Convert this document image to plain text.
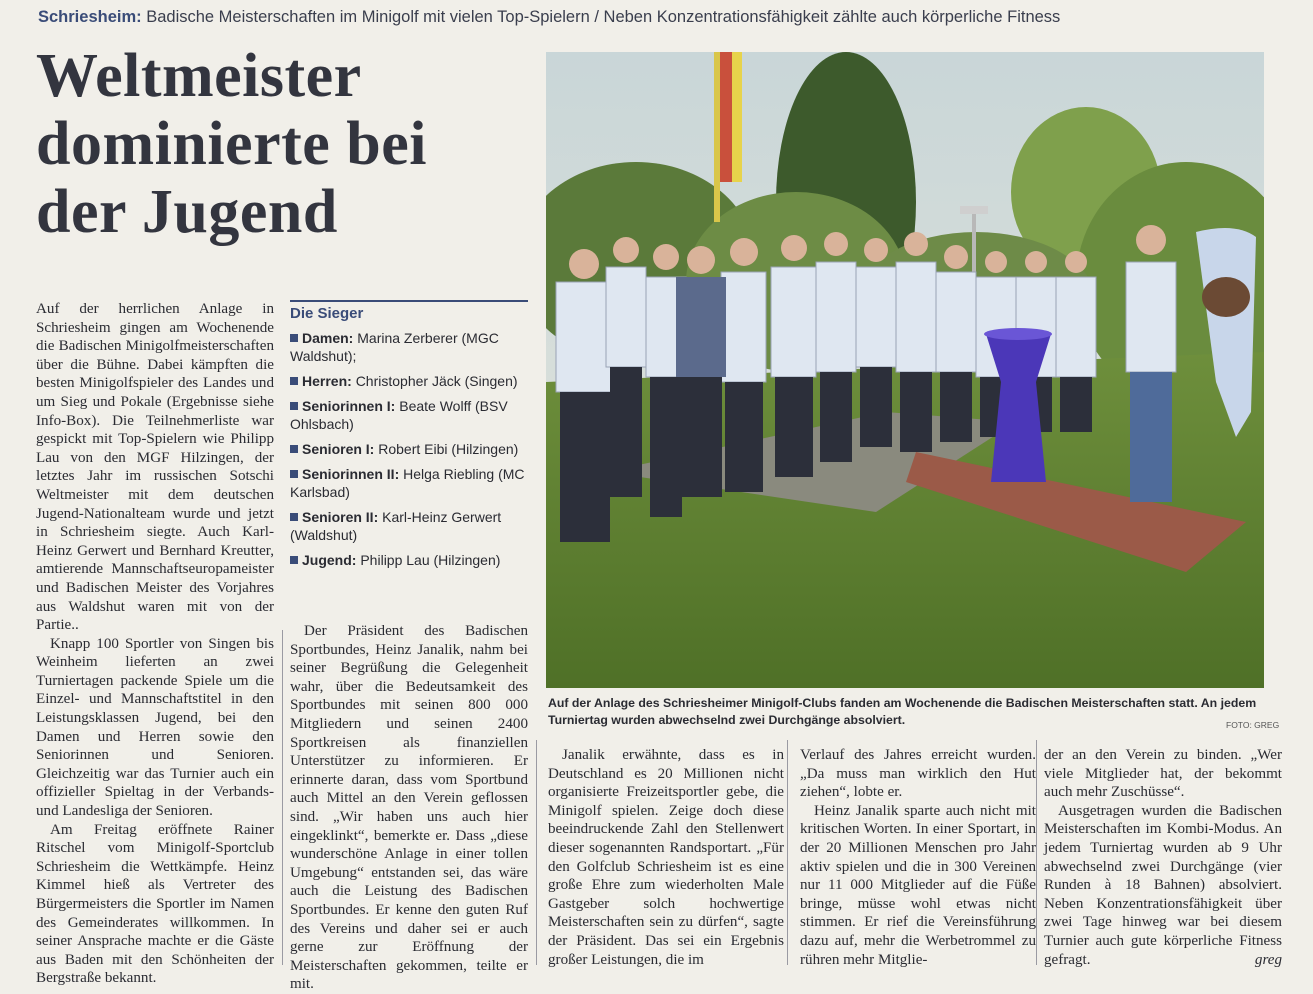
Schriesheim: Badische Meisterschaften im Minigolf mit vielen Top-Spielern / Neben Konzentrationsfähigkeit zählte auch körperliche Fitness
Weltmeister
dominierte bei
der Jugend

Auf der herrlichen Anlage in Schriesheim gingen am Wochenende die Badischen Minigolfmeisterschaften über die Bühne. Dabei kämpften die besten Minigolfspieler des Landes und um Sieg und Pokale (Ergebnisse siehe Info-Box). Die Teilnehmerliste war gespickt mit Top-Spielern wie Philipp Lau von den MGF Hilzingen, der letztes Jahr im russischen Sotschi Weltmeister mit dem deutschen Jugend-Nationalteam wurde und jetzt in Schriesheim siegte. Auch Karl-Heinz Gerwert und Bernhard Kreutter, amtierende Mannschaftseuropameister und Badischen Meister des Vorjahres aus Waldshut waren mit von der Partie..

Knapp 100 Sportler von Singen bis Weinheim lieferten an zwei Turniertagen packende Spiele um die Einzel- und Mannschaftstitel in den Leistungsklassen Jugend, bei den Damen und Herren sowie den Seniorinnen und Senioren. Gleichzeitig war das Turnier auch ein offizieller Spieltag in der Verbands- und Landesliga der Senioren.

Am Freitag eröffnete Rainer Ritschel vom Minigolf-Sportclub Schriesheim die Wettkämpfe. Heinz Kimmel hieß als Vertreter des Bürgermeisters die Sportler im Namen des Gemeinderates willkommen. In seiner Ansprache machte er die Gäste aus Baden mit den Schönheiten der Bergstraße bekannt.

Die Sieger
Damen: Marina Zerberer (MGC Waldshut);
Herren: Christopher Jäck (Singen)
Seniorinnen I: Beate Wolff (BSV Ohlsbach)
Senioren I: Robert Eibi (Hilzingen)
Seniorinnen II: Helga Riebling (MC Karlsbad)
Senioren II: Karl-Heinz Gerwert (Waldshut)
Jugend: Philipp Lau (Hilzingen)

Der Präsident des Badischen Sportbundes, Heinz Janalik, nahm bei seiner Begrüßung die Gelegenheit wahr, über die Bedeutsamkeit des Sportbundes mit seinen 800 000 Mitgliedern und seinen 2400 Sportkreisen als finanziellen Unterstützer zu informieren. Er erinnerte daran, dass vom Sportbund auch Mittel an den Verein geflossen sind. „Wir haben uns auch hier eingeklinkt“, bemerkte er. Dass „diese wunderschöne Anlage in einer tollen Umgebung“ entstanden sei, das wäre auch die Leistung des Badischen Sportbundes. Er kenne den guten Ruf des Vereins und daher sei er auch gerne zur Eröffnung der Meisterschaften gekommen, teilte er mit.

Auf der Anlage des Schriesheimer Minigolf-Clubs fanden am Wochenende die Badischen Meisterschaften statt. An jedem Turniertag wurden abwechselnd zwei Durchgänge absolviert.	FOTO: GREG

Janalik erwähnte, dass es in Deutschland es 20 Millionen nicht organisierte Freizeitsportler gebe, die Minigolf spielen. Zeige doch diese beeindruckende Zahl den Stellenwert dieser sogenannten Randsportart. „Für den Golfclub Schriesheim ist es eine große Ehre zum wiederholten Male Gastgeber solch hochwertige Meisterschaften sein zu dürfen“, sagte der Präsident. Das sei ein Ergebnis großer Leistungen, die im

Verlauf des Jahres erreicht wurden. „Da muss man wirklich den Hut ziehen“, lobte er.

Heinz Janalik sparte auch nicht mit kritischen Worten. In einer Sportart, in der 20 Millionen Menschen pro Jahr aktiv spielen und die in 300 Vereinen nur 11 000 Mitglieder auf die Füße bringe, müsse wohl etwas nicht stimmen. Er rief die Vereinsführung dazu auf, mehr die Werbetrommel zu rühren mehr Mitglie-

der an den Verein zu binden. „Wer viele Mitglieder hat, der bekommt auch mehr Zuschüsse“.

Ausgetragen wurden die Badischen Meisterschaften im Kombi-Modus. An jedem Turniertag wurden ab 9 Uhr abwechselnd zwei Durchgänge (vier Runden à 18 Bahnen) absolviert. Neben Konzentrationsfähigkeit über zwei Tage hinweg war bei diesem Turnier auch gute körperliche Fitness gefragt.	greg
